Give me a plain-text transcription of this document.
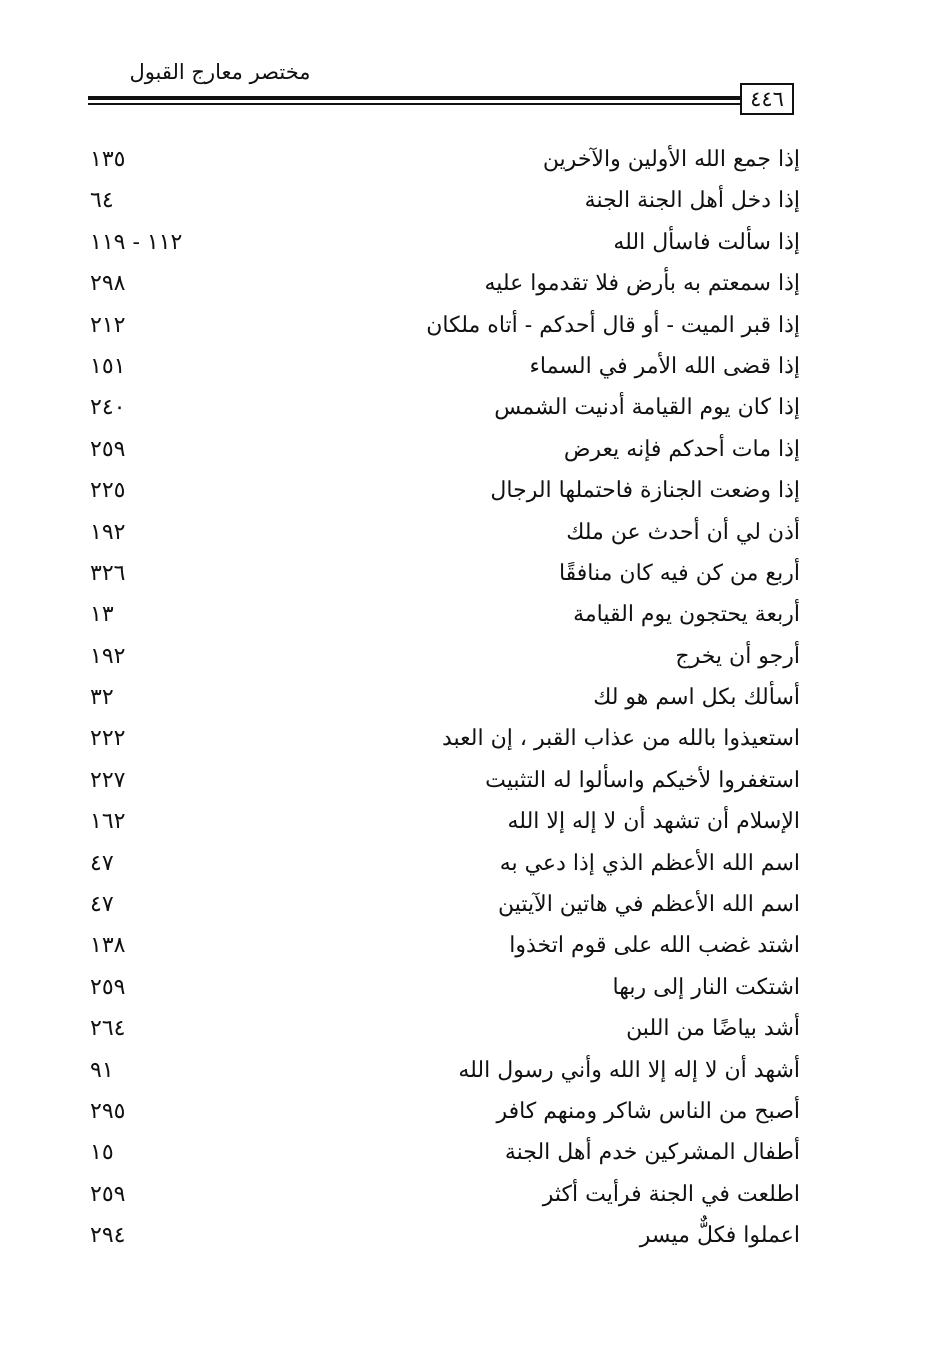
مختصر معارج القبول
٤٤٦
إذا جمع الله الأولين والآخرين
١٣٥
إذا دخل أهل الجنة الجنة
٦٤
إذا سألت فاسأل الله
١١٢ - ١١٩
إذا سمعتم به بأرض فلا تقدموا عليه
٢٩٨
إذا قبر الميت - أو قال أحدكم - أتاه ملكان
٢١٢
إذا قضى الله الأمر في السماء
١٥١
إذا كان يوم القيامة أدنيت الشمس
٢٤٠
إذا مات أحدكم فإنه يعرض
٢٥٩
إذا وضعت الجنازة فاحتملها الرجال
٢٢٥
أذن لي أن أحدث عن ملك
١٩٢
أربع من كن فيه كان منافقًا
٣٢٦
أربعة يحتجون يوم القيامة
١٣
أرجو أن يخرج
١٩٢
أسألك بكل اسم هو لك
٣٢
استعيذوا بالله من عذاب القبر ، إن العبد
٢٢٢
استغفروا لأخيكم واسألوا له التثبيت
٢٢٧
الإسلام أن تشهد أن لا إله إلا الله
١٦٢
اسم الله الأعظم الذي إذا دعي به
٤٧
اسم الله الأعظم في هاتين الآيتين
٤٧
اشتد غضب الله على قوم اتخذوا
١٣٨
اشتكت النار إلى ربها
٢٥٩
أشد بياضًا من اللبن
٢٦٤
أشهد أن لا إله إلا الله وأني رسول الله
٩١
أصبح من الناس شاكر ومنهم كافر
٢٩٥
أطفال المشركين خدم أهل الجنة
١٥
اطلعت في الجنة فرأيت أكثر
٢٥٩
اعملوا فكلٌّ ميسر
٢٩٤
